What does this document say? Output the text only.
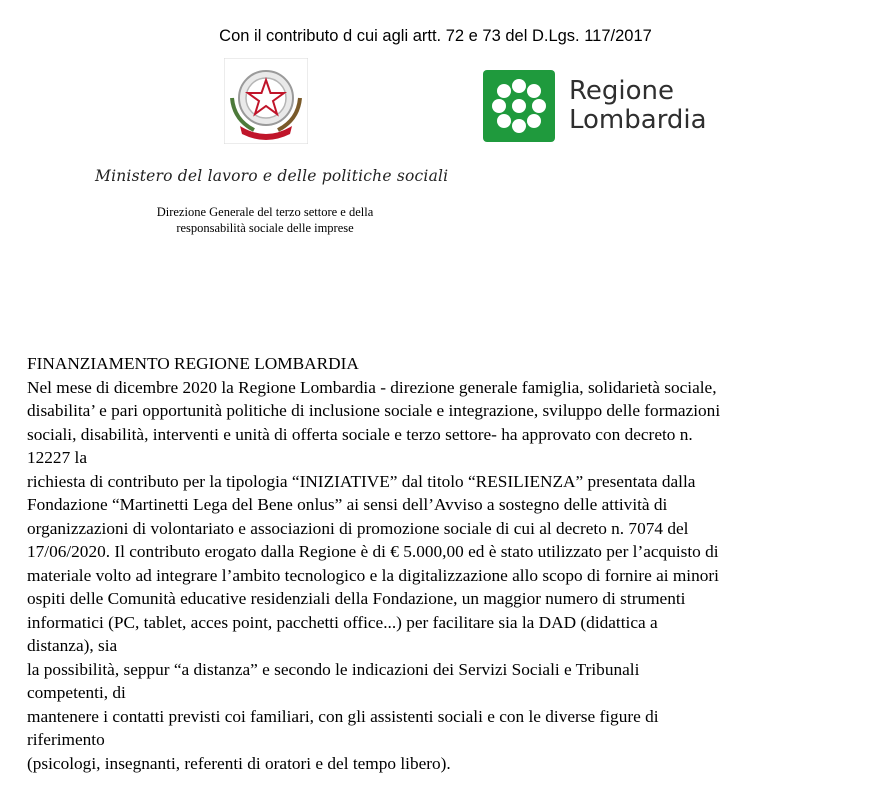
Con il contributo d cui agli artt. 72 e 73 del D.Lgs. 117/2017
Ministero del lavoro e delle politiche sociali
Direzione Generale del terzo settore e della
responsabilità sociale delle imprese
Regione
Lombardia
FINANZIAMENTO REGIONE LOMBARDIA
Nel mese di dicembre 2020 la Regione Lombardia - direzione generale famiglia, solidarietà sociale,
disabilita’ e pari opportunità politiche di inclusione sociale e integrazione, sviluppo delle formazioni
sociali, disabilità, interventi e unità di offerta sociale e terzo settore- ha approvato con decreto n.
12227 la
richiesta di contributo per la tipologia “INIZIATIVE” dal titolo “RESILIENZA” presentata dalla
Fondazione “Martinetti Lega del Bene onlus” ai sensi dell’Avviso a sostegno delle attività di
organizzazioni di volontariato e associazioni di promozione sociale di cui al decreto n. 7074 del
17/06/2020. Il contributo erogato dalla Regione è di € 5.000,00 ed è stato utilizzato per l’acquisto di
materiale volto ad integrare l’ambito tecnologico e la digitalizzazione allo scopo di fornire ai minori
ospiti delle Comunità educative residenziali della Fondazione, un maggior numero di strumenti
informatici (PC, tablet, acces point, pacchetti office...) per facilitare sia la DAD (didattica a
distanza), sia
la possibilità, seppur “a distanza” e secondo le indicazioni dei Servizi Sociali e Tribunali
competenti, di
mantenere i contatti previsti coi familiari, con gli assistenti sociali e con le diverse figure di
riferimento
(psicologi, insegnanti, referenti di oratori e del tempo libero).
